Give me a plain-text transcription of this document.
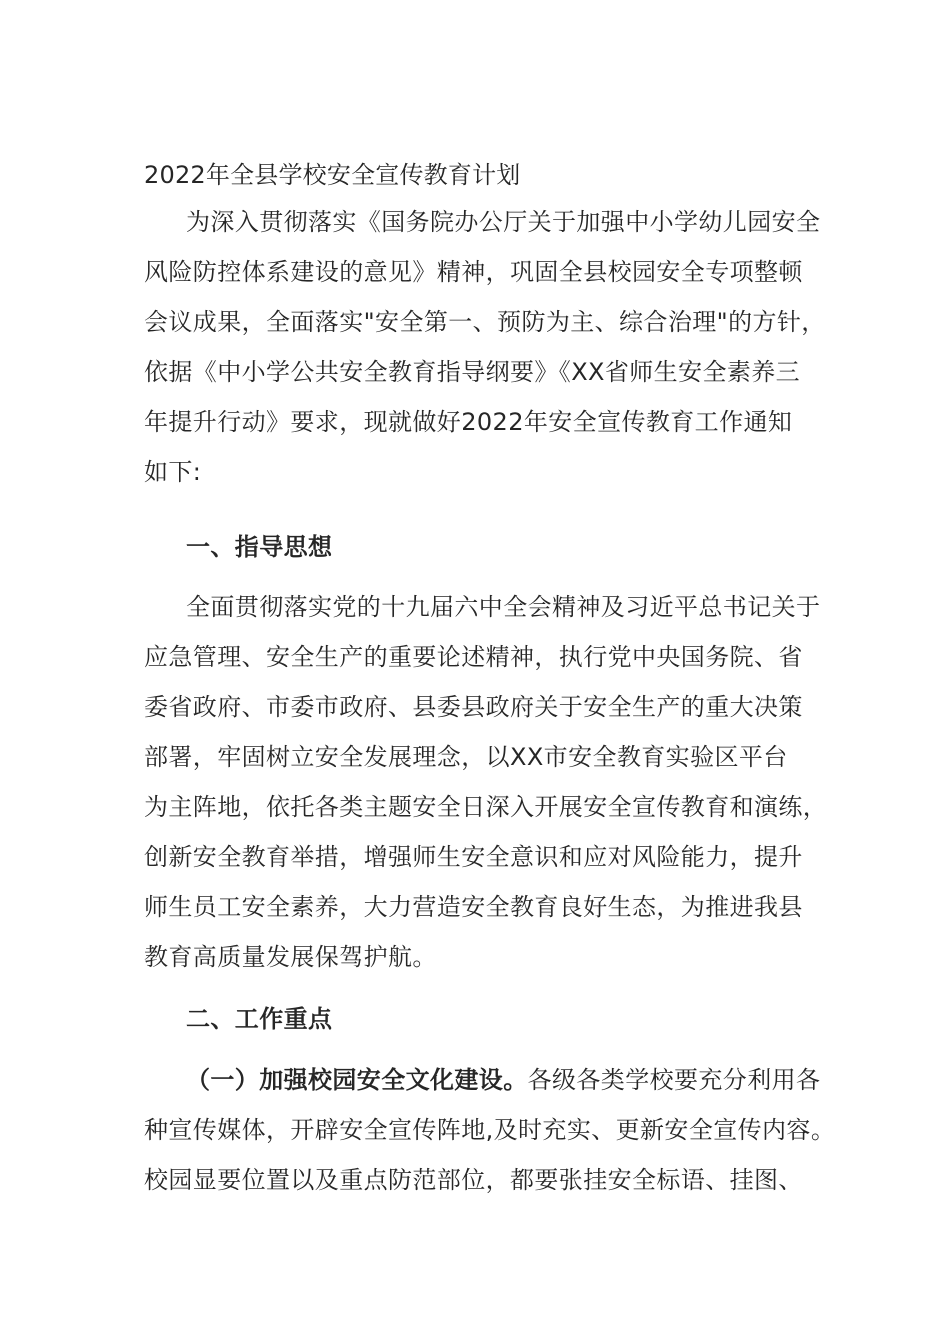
2022年全县学校安全宣传教育计划
为深入贯彻落实《国务院办公厅关于加强中小学幼儿园安全
风险防控体系建设的意见》精神，巩固全县校园安全专项整顿
会议成果，全面落实"安全第一、预防为主、综合治理"的方针，
依据《中小学公共安全教育指导纲要》《XX省师生安全素养三
年提升行动》要求，现就做好2022年安全宣传教育工作通知
如下:
一、指导思想
全面贯彻落实党的十九届六中全会精神及习近平总书记关于
应急管理、安全生产的重要论述精神，执行党中央国务院、省
委省政府、市委市政府、县委县政府关于安全生产的重大决策
部署，牢固树立安全发展理念，以XX市安全教育实验区平台
为主阵地，依托各类主题安全日深入开展安全宣传教育和演练，
创新安全教育举措，增强师生安全意识和应对风险能力，提升
师生员工安全素养，大力营造安全教育良好生态，为推进我县
教育高质量发展保驾护航。
二、工作重点
（一）加强校园安全文化建设。各级各类学校要充分利用各
种宣传媒体，开辟安全宣传阵地,及时充实、更新安全宣传内容。
校园显要位置以及重点防范部位，都要张挂安全标语、挂图、
